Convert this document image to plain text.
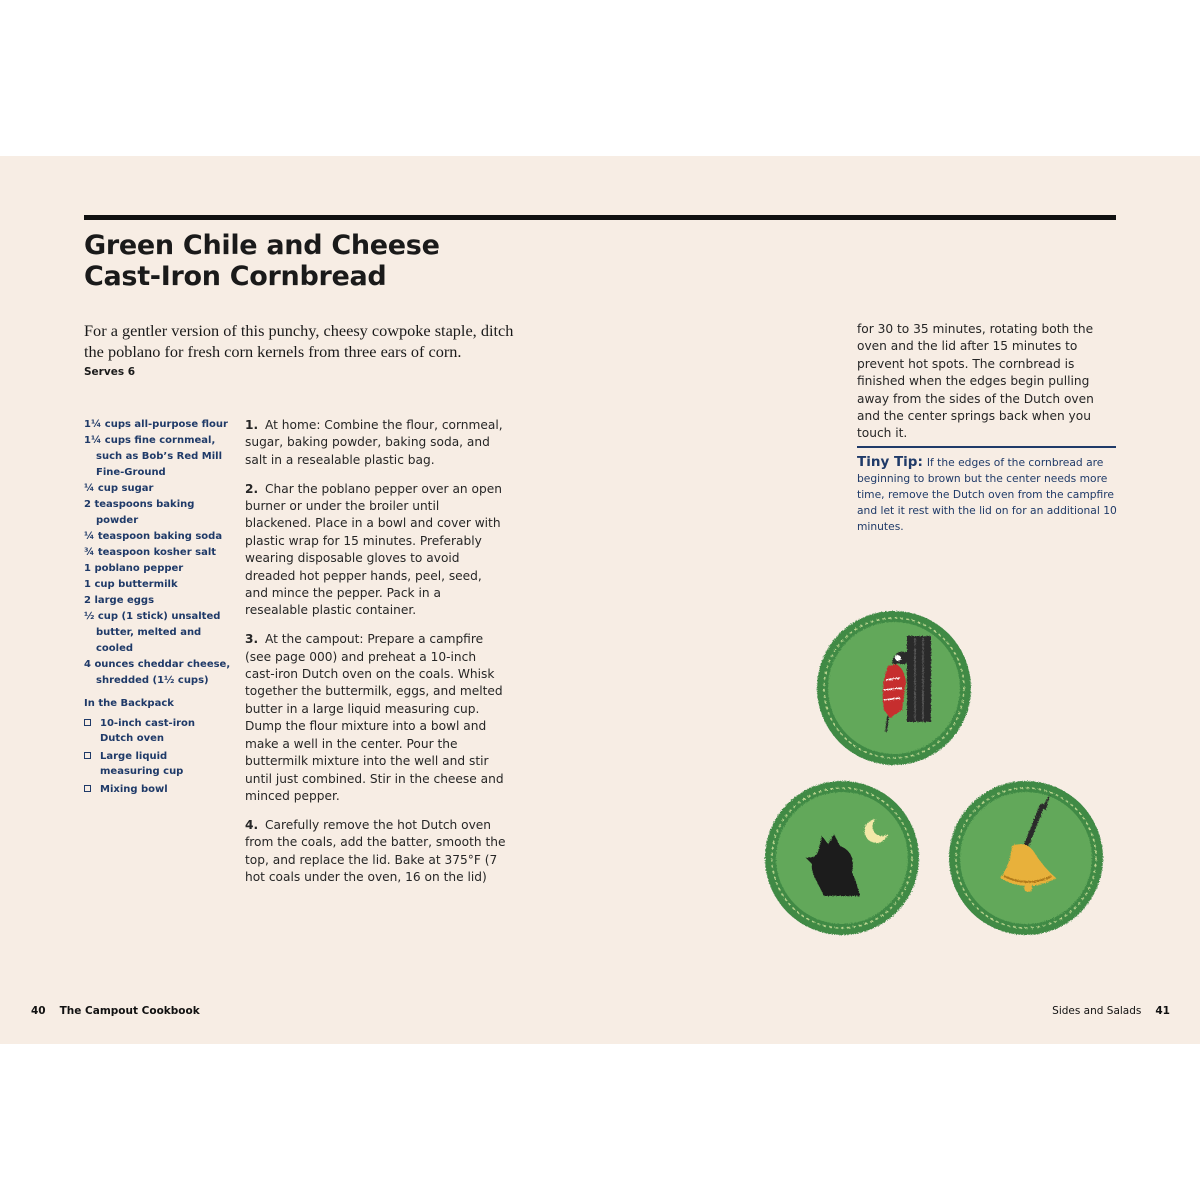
Green Chile and Cheese
Cast-Iron Cornbread

For a gentler version of this punchy, cheesy cowpoke staple, ditch the poblano for fresh corn kernels from three ears of corn.

Serves 6

1¼ cups all-purpose flour
1¼ cups fine cornmeal, such as Bob’s Red Mill Fine-Ground
¼ cup sugar
2 teaspoons baking powder
¼ teaspoon baking soda
¾ teaspoon kosher salt
1 poblano pepper
1 cup buttermilk
2 large eggs
½ cup (1 stick) unsalted butter, melted and cooled
4 ounces cheddar cheese, shredded (1½ cups)

In the Backpack

10-inch cast-iron Dutch oven
Large liquid measuring cup
Mixing bowl

1. At home: Combine the flour, cornmeal, sugar, baking powder, baking soda, and salt in a resealable plastic bag.

2. Char the poblano pepper over an open burner or under the broiler until blackened. Place in a bowl and cover with plastic wrap for 15 minutes. Preferably wearing disposable gloves to avoid dreaded hot pepper hands, peel, seed, and mince the pepper. Pack in a resealable plastic container.

3. At the campout: Prepare a campfire (see page 000) and preheat a 10-inch cast-iron Dutch oven on the coals. Whisk together the buttermilk, eggs, and melted butter in a large liquid measuring cup. Dump the flour mixture into a bowl and make a well in the center. Pour the buttermilk mixture into the well and stir until just combined. Stir in the cheese and minced pepper.

4. Carefully remove the hot Dutch oven from the coals, add the batter, smooth the top, and replace the lid. Bake at 375°F (7 hot coals under the oven, 16 on the lid)

for 30 to 35 minutes, rotating both the oven and the lid after 15 minutes to prevent hot spots. The cornbread is finished when the edges begin pulling away from the sides of the Dutch oven and the center springs back when you touch it.

Tiny Tip: If the edges of the cornbread are beginning to brown but the center needs more time, remove the Dutch oven from the campfire and let it rest with the lid on for an additional 10 minutes.

40 The Campout Cookbook	Sides and Salads 41
